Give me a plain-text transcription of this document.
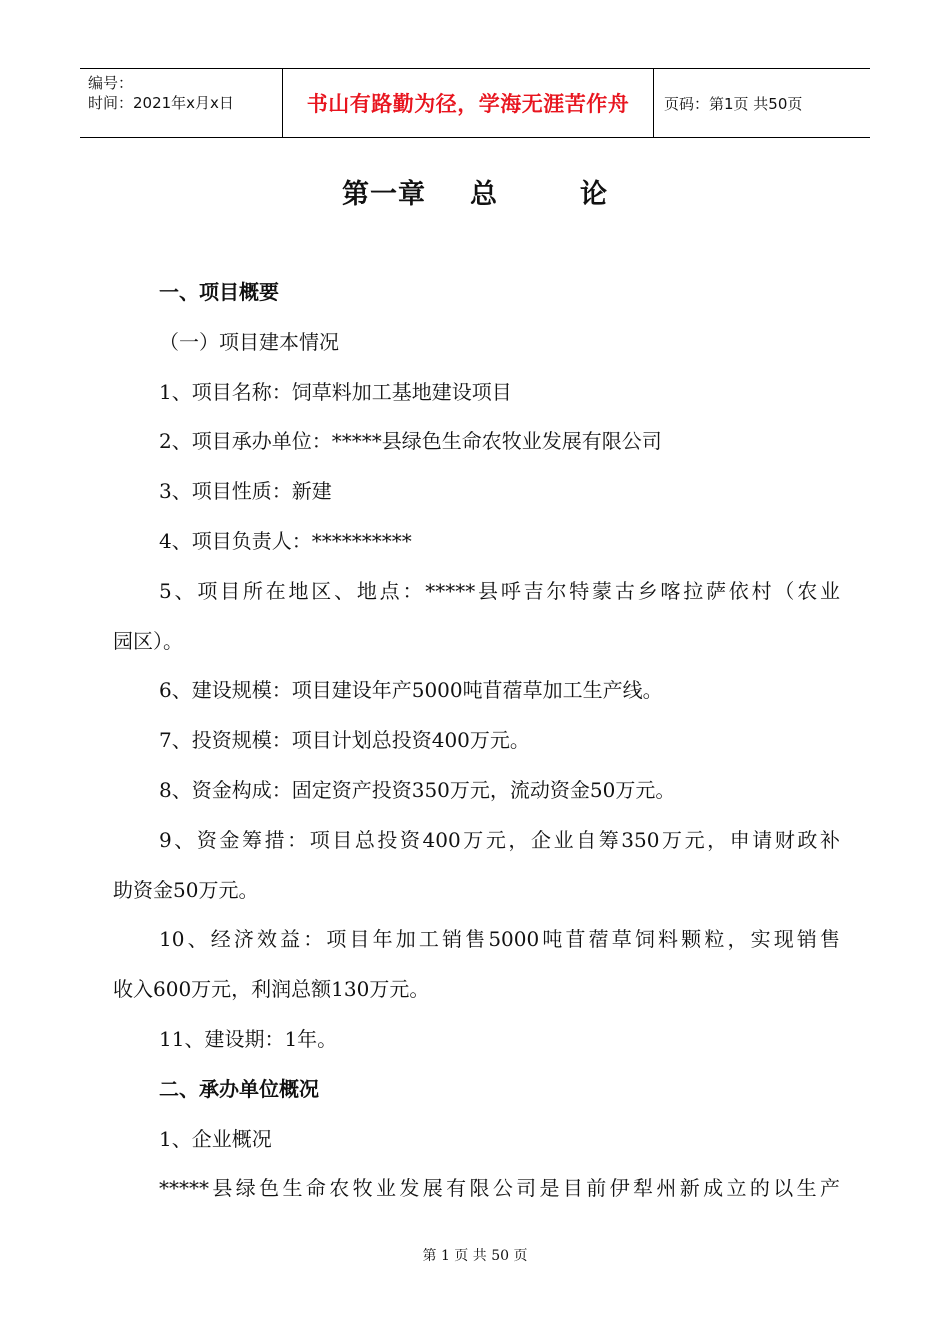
编号：
时间：2021年x月x日	书山有路勤为径，学海无涯苦作舟 页码：第1页 共50页
第一章 总	论
一、项目概要
（一）项目建本情况
1、项目名称：饲草料加工基地建设项目
2、项目承办单位：*****县绿色生命农牧业发展有限公司
3、项目性质：新建
4、项目负责人：**********
5、项目所在地区、地点：*****县呼吉尔特蒙古乡喀拉萨依村（农业
园区）。
6、建设规模：项目建设年产5000吨苜蓿草加工生产线。
7、投资规模：项目计划总投资400万元。
8、资金构成：固定资产投资350万元，流动资金50万元。
9、资金筹措：项目总投资400万元，企业自筹350万元，申请财政补
助资金50万元。
10、经济效益：项目年加工销售5000吨苜蓿草饲料颗粒，实现销售
收入600万元，利润总额130万元。
11、建设期：1年。
二、承办单位概况
1、企业概况
*****县绿色生命农牧业发展有限公司是目前伊犁州新成立的以生产
第 1 页 共 50 页
